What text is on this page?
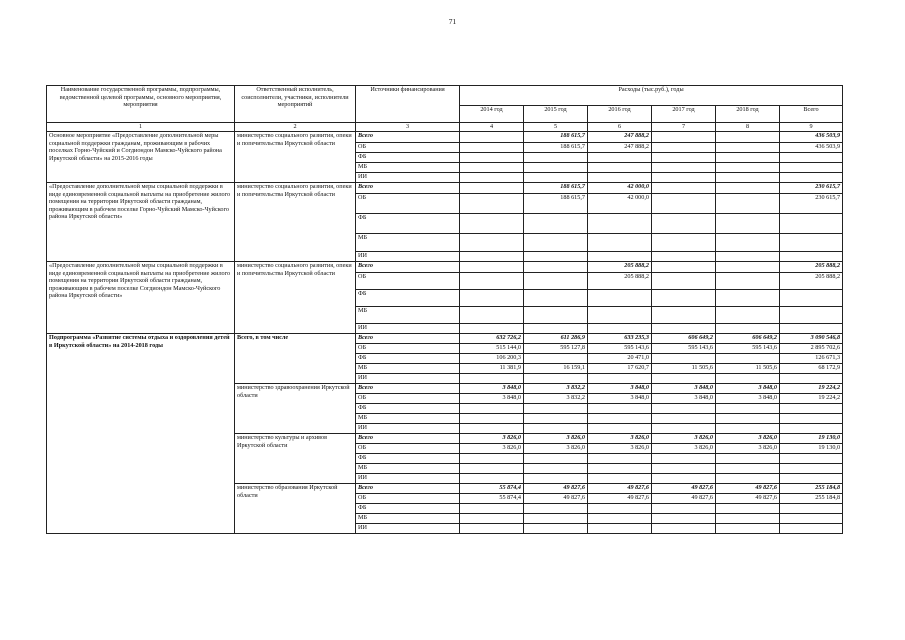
71
Наименование государственной программы, подпрограммы, ведомственной целевой программы, основного мероприятия, мероприятия	Ответственный исполнитель, соисполнители, участники, исполнители мероприятий	Источники финансирования	Расходы (тыс.руб.), годы					
			2014 год	2015 год	2016 год	2017 год	2018 год	Всего
1	2	3	4	5	6	7	8	9
Основное мероприятие «Предоставление дополнительной меры социальной поддержки гражданам, проживающим в рабочих поселках Горно-Чуйский и Согдиондон Мамско-Чуйского района Иркутской области» на 2015-2016 годы	министерство социального развития, опеки и попечительства Иркутской области	Всего		188 615,7	247 888,2			436 503,9
		ОБ		188 615,7	247 888,2			436 503,9
		ФБ						
		МБ						
		ИИ						
«Предоставление дополнительной меры социальной поддержки в виде единовременной социальной выплаты на приобретение жилого помещения на территории Иркутской области гражданам, проживающим в рабочем поселке Горно-Чуйский Мамско-Чуйского района Иркутской области»	министерство социального развития, опеки и попечительства Иркутской области	Всего		188 615,7	42 000,0			230 615,7
		ОБ		188 615,7	42 000,0			230 615,7
		ФБ						
		МБ						
		ИИ						
«Предоставление дополнительной меры социальной поддержки в виде единовременной социальной выплаты на приобретение жилого помещения на территории Иркутской области гражданам, проживающим в рабочем поселке Согдиондон Мамско-Чуйского района Иркутской области»	министерство социального развития, опеки и попечительства Иркутской области	Всего			205 888,2			205 888,2
		ОБ			205 888,2			205 888,2
		ФБ						
		МБ						
		ИИ						
Подпрограмма «Развитие системы отдыха и оздоровления детей в Иркутской области» на 2014-2018 годы	Всего, в том числе	Всего	632 726,2	611 286,9	633 235,3	606 649,2	606 649,2	3 090 546,8
		ОБ	515 144,0	595 127,8	595 143,6	595 143,6	595 143,6	2 895 702,6
		ФБ	106 200,3		20 471,0			126 671,3
		МБ	11 381,9	16 159,1	17 620,7	11 505,6	11 505,6	68 172,9
		ИИ						
	министерство здравоохранения Иркутской области	Всего	3 848,0	3 832,2	3 848,0	3 848,0	3 848,0	19 224,2
		ОБ	3 848,0	3 832,2	3 848,0	3 848,0	3 848,0	19 224,2
		ФБ						
		МБ						
		ИИ						
	министерство культуры и архивов Иркутской области	Всего	3 826,0	3 826,0	3 826,0	3 826,0	3 826,0	19 130,0
		ОБ	3 826,0	3 826,0	3 826,0	3 826,0	3 826,0	19 130,0
		ФБ						
		МБ						
		ИИ						
	министерство образования Иркутской области	Всего	55 874,4	49 827,6	49 827,6	49 827,6	49 827,6	255 184,8
		ОБ	55 874,4	49 827,6	49 827,6	49 827,6	49 827,6	255 184,8
		ФБ						
		МБ						
		ИИ						
